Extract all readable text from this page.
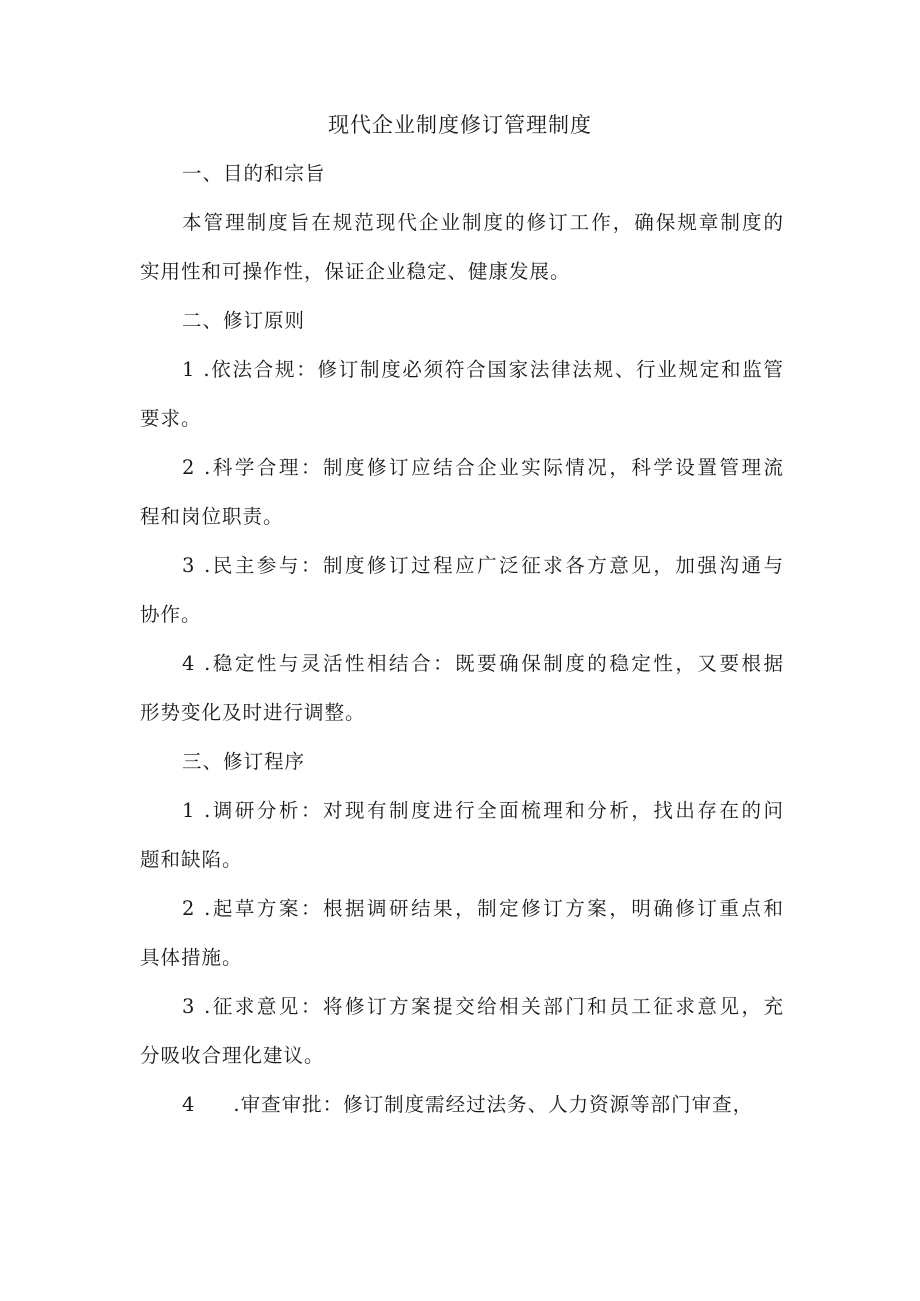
现代企业制度修订管理制度
一、目的和宗旨
本管理制度旨在规范现代企业制度的修订工作，确保规章制度的
实用性和可操作性，保证企业稳定、健康发展。
二、修订原则
1 .依法合规：修订制度必须符合国家法律法规、行业规定和监管
要求。
2 .科学合理：制度修订应结合企业实际情况，科学设置管理流
程和岗位职责。
3 .民主参与：制度修订过程应广泛征求各方意见，加强沟通与
协作。
4 .稳定性与灵活性相结合：既要确保制度的稳定性，又要根据
形势变化及时进行调整。
三、修订程序
1 .调研分析：对现有制度进行全面梳理和分析，找出存在的问
题和缺陷。
2 .起草方案：根据调研结果，制定修订方案，明确修订重点和
具体措施。
3 .征求意见：将修订方案提交给相关部门和员工征求意见，充
分吸收合理化建议。
4 .审查审批：修订制度需经过法务、人力资源等部门审查，
